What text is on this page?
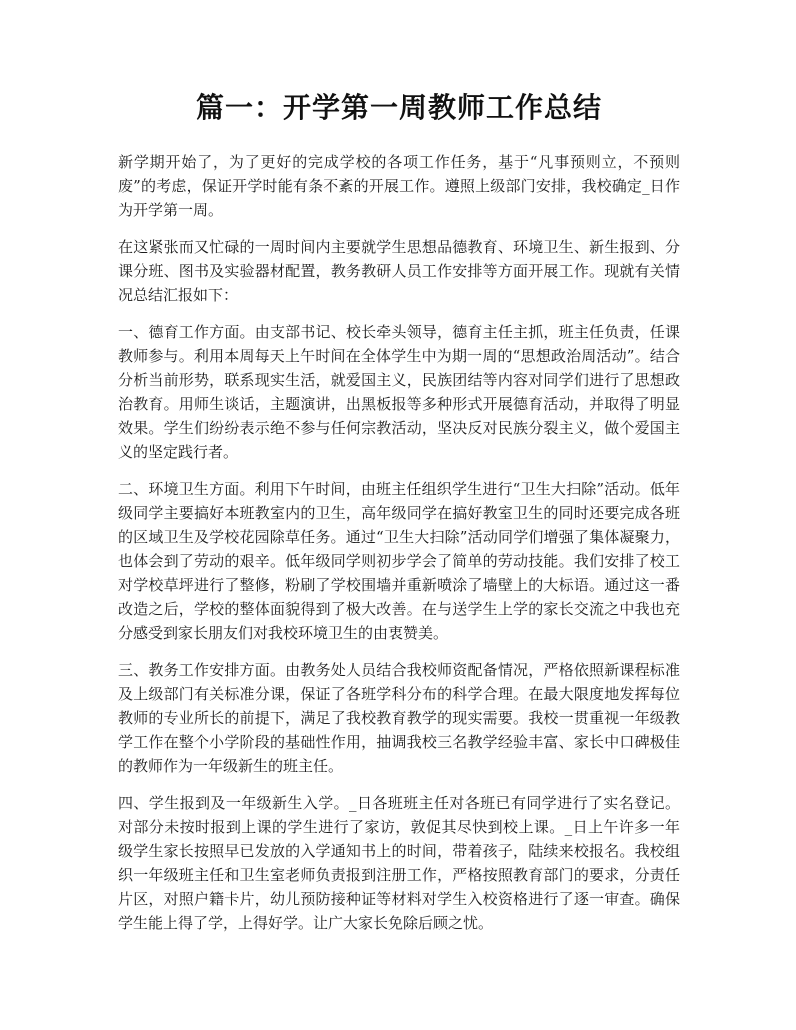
篇一：开学第一周教师工作总结

新学期开始了，为了更好的完成学校的各项工作任务，基于“凡事预则立，不预则废”的考虑，保证开学时能有条不紊的开展工作。遵照上级部门安排，我校确定_日作为开学第一周。

在这紧张而又忙碌的一周时间内主要就学生思想品德教育、环境卫生、新生报到、分课分班、图书及实验器材配置，教务教研人员工作安排等方面开展工作。现就有关情况总结汇报如下：

一、德育工作方面。由支部书记、校长牵头领导，德育主任主抓，班主任负责，任课教师参与。利用本周每天上午时间在全体学生中为期一周的“思想政治周活动”。结合分析当前形势，联系现实生活，就爱国主义，民族团结等内容对同学们进行了思想政治教育。用师生谈话，主题演讲，出黑板报等多种形式开展德育活动，并取得了明显效果。学生们纷纷表示绝不参与任何宗教活动，坚决反对民族分裂主义，做个爱国主义的坚定践行者。

二、环境卫生方面。利用下午时间，由班主任组织学生进行“卫生大扫除”活动。低年级同学主要搞好本班教室内的卫生，高年级同学在搞好教室卫生的同时还要完成各班的区域卫生及学校花园除草任务。通过“卫生大扫除”活动同学们增强了集体凝聚力，也体会到了劳动的艰辛。低年级同学则初步学会了简单的劳动技能。我们安排了校工对学校草坪进行了整修，粉刷了学校围墙并重新喷涂了墙壁上的大标语。通过这一番改造之后，学校的整体面貌得到了极大改善。在与送学生上学的家长交流之中我也充分感受到家长朋友们对我校环境卫生的由衷赞美。

三、教务工作安排方面。由教务处人员结合我校师资配备情况，严格依照新课程标准及上级部门有关标准分课，保证了各班学科分布的科学合理。在最大限度地发挥每位教师的专业所长的前提下，满足了我校教育教学的现实需要。我校一贯重视一年级教学工作在整个小学阶段的基础性作用，抽调我校三名教学经验丰富、家长中口碑极佳的教师作为一年级新生的班主任。

四、学生报到及一年级新生入学。_日各班班主任对各班已有同学进行了实名登记。对部分未按时报到上课的学生进行了家访，敦促其尽快到校上课。_日上午许多一年级学生家长按照早已发放的入学通知书上的时间，带着孩子，陆续来校报名。我校组织一年级班主任和卫生室老师负责报到注册工作，严格按照教育部门的要求，分责任片区，对照户籍卡片，幼儿预防接种证等材料对学生入校资格进行了逐一审查。确保学生能上得了学，上得好学。让广大家长免除后顾之忧。
